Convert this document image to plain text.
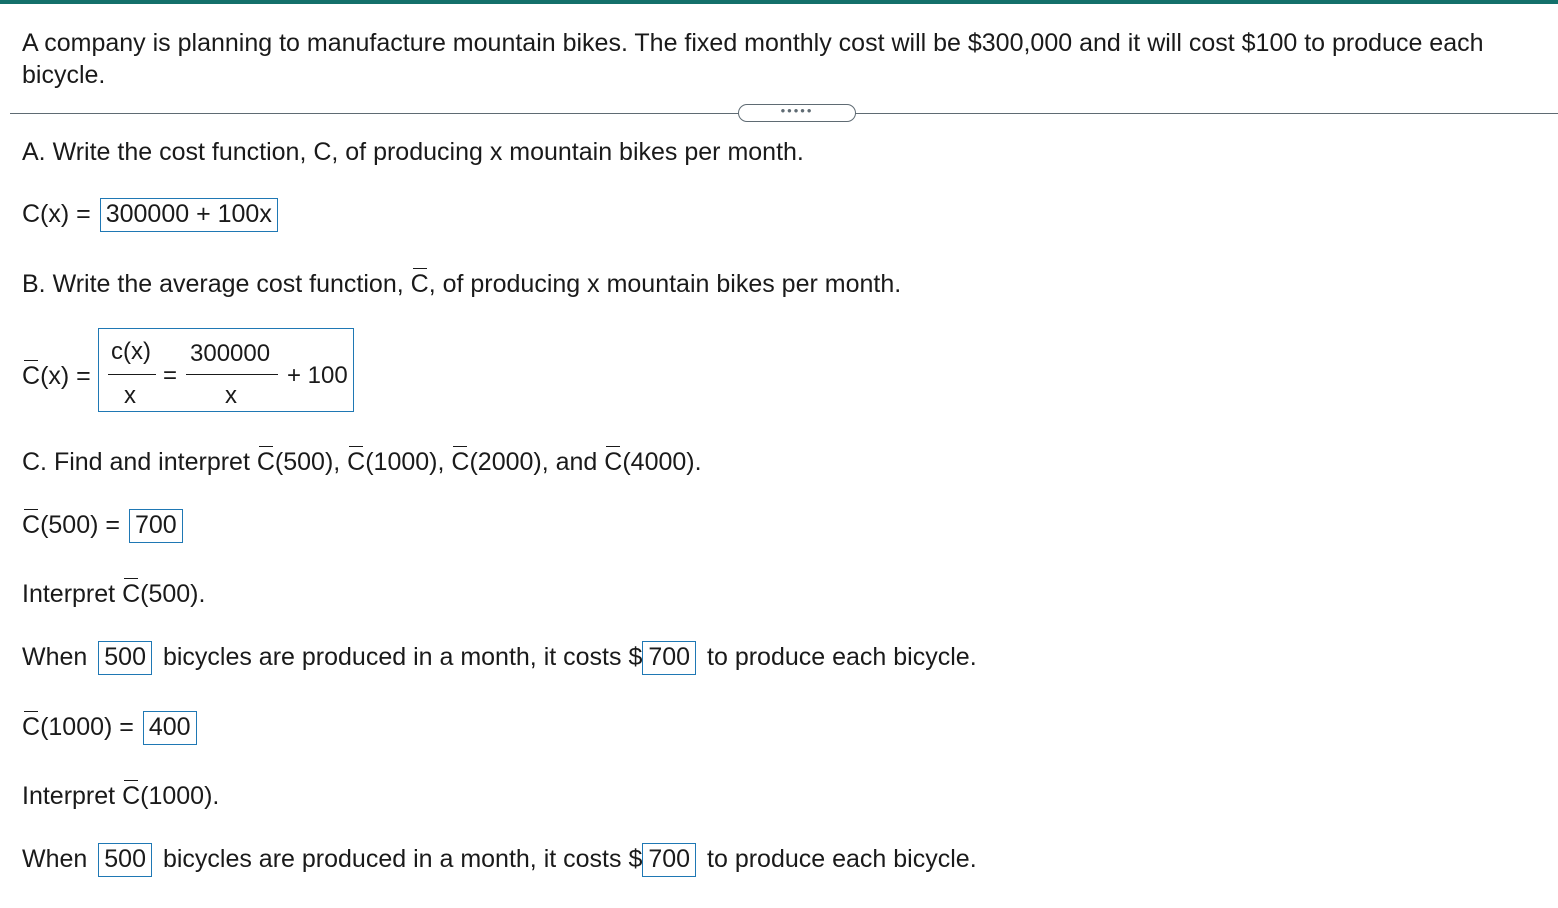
A company is planning to manufacture mountain bikes. The fixed monthly cost will be $300,000 and it will cost $100 to produce each bicycle.
•••••
A. Write the cost function, C, of producing x mountain bikes per month.
C(x) = 300000 + 100x
B. Write the average cost function, C, of producing x mountain bikes per month.
C(x) =
c(x)
x
=
300000
x
+ 100
C. Find and interpret C(500), C(1000), C(2000), and C(4000).
C(500) = 700
Interpret C(500).
When 500 bicycles are produced in a month, it costs $ 700 to produce each bicycle.
C(1000) = 400
Interpret C(1000).
When 500 bicycles are produced in a month, it costs $ 700 to produce each bicycle.
